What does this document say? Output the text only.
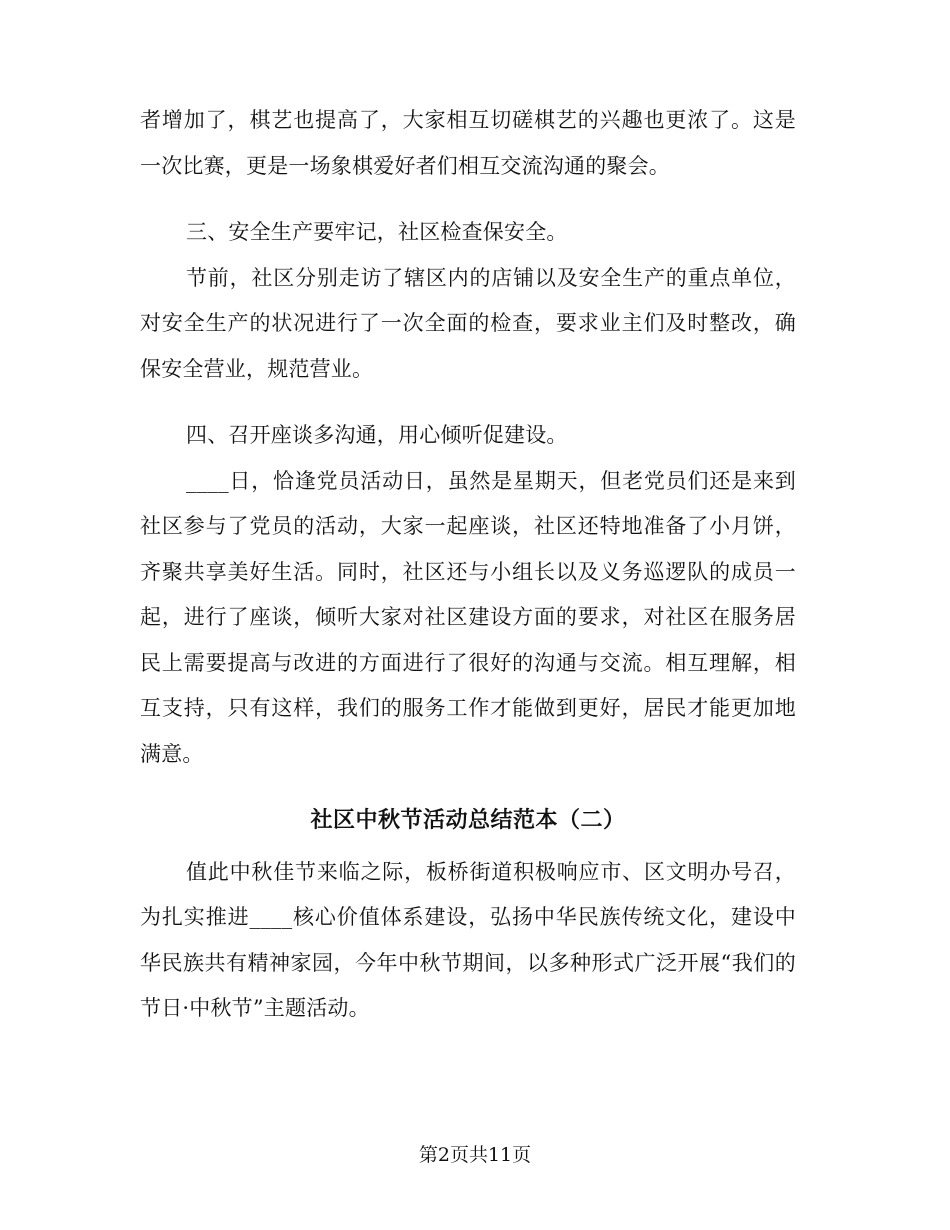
者增加了，棋艺也提高了，大家相互切磋棋艺的兴趣也更浓了。这是一次比赛，更是一场象棋爱好者们相互交流沟通的聚会。

三、安全生产要牢记，社区检查保安全。

节前，社区分别走访了辖区内的店铺以及安全生产的重点单位，对安全生产的状况进行了一次全面的检查，要求业主们及时整改，确保安全营业，规范营业。

四、召开座谈多沟通，用心倾听促建设。

____日，恰逢党员活动日，虽然是星期天，但老党员们还是来到社区参与了党员的活动，大家一起座谈，社区还特地准备了小月饼，齐聚共享美好生活。同时，社区还与小组长以及义务巡逻队的成员一起，进行了座谈，倾听大家对社区建设方面的要求，对社区在服务居民上需要提高与改进的方面进行了很好的沟通与交流。相互理解，相互支持，只有这样，我们的服务工作才能做到更好，居民才能更加地满意。

社区中秋节活动总结范本（二）

值此中秋佳节来临之际，板桥街道积极响应市、区文明办号召，为扎实推进____核心价值体系建设，弘扬中华民族传统文化，建设中华民族共有精神家园，今年中秋节期间，以多种形式广泛开展“我们的节日·中秋节”主题活动。

第2页共11页
